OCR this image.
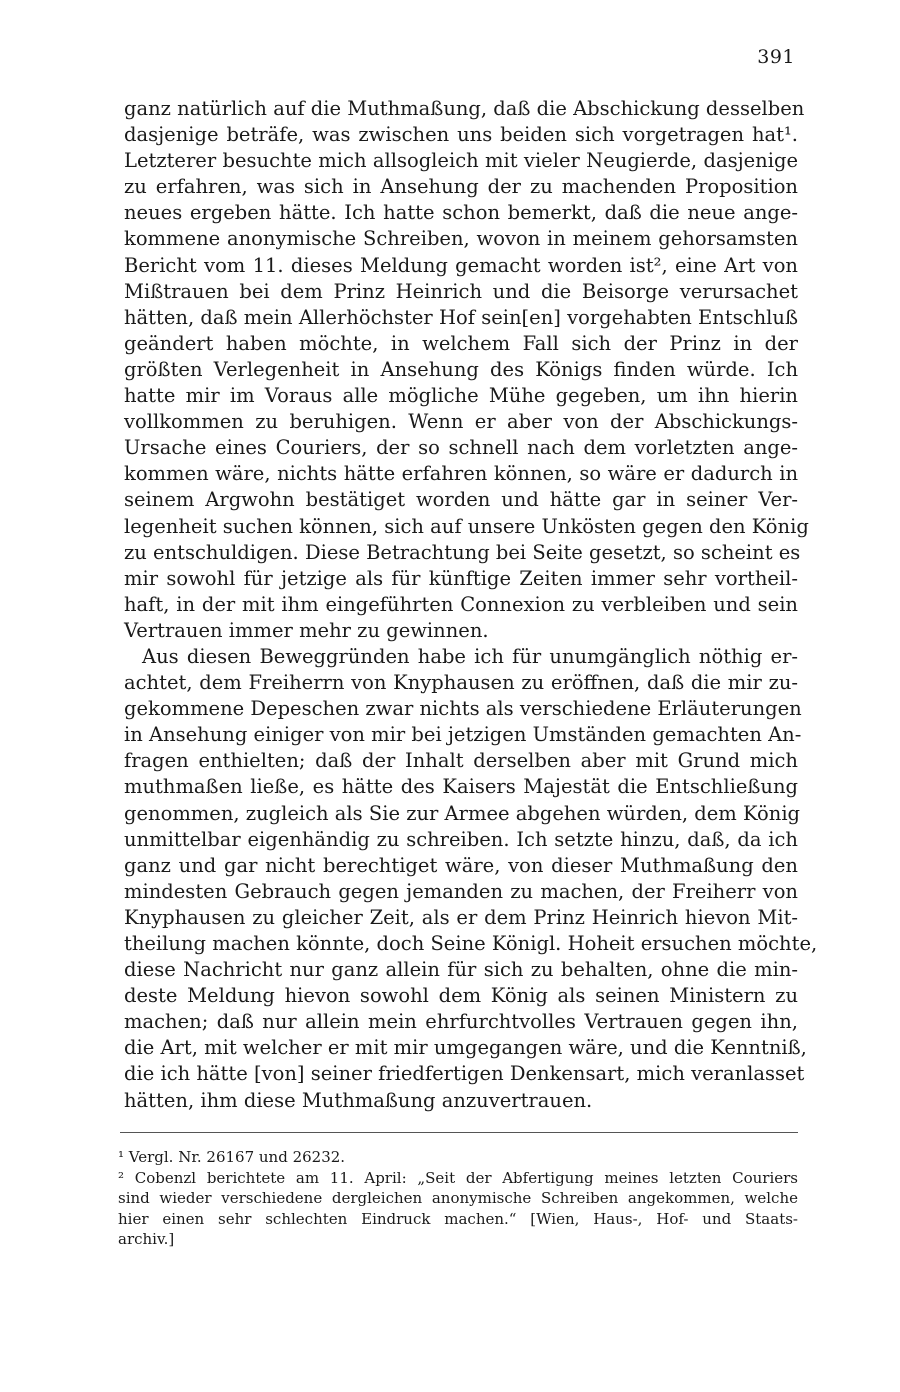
391
ganz natürlich auf die Muthmaßung, daß die Abschickung desselben
dasjenige beträfe, was zwischen uns beiden sich vorgetragen hat¹.
Letzterer besuchte mich allsogleich mit vieler Neugierde, dasjenige
zu erfahren, was sich in Ansehung der zu machenden Proposition
neues ergeben hätte. Ich hatte schon bemerkt, daß die neue ange-
kommene anonymische Schreiben, wovon in meinem gehorsamsten
Bericht vom 11. dieses Meldung gemacht worden ist², eine Art von
Mißtrauen bei dem Prinz Heinrich und die Beisorge verursachet
hätten, daß mein Allerhöchster Hof sein[en] vorgehabten Entschluß
geändert haben möchte, in welchem Fall sich der Prinz in der
größten Verlegenheit in Ansehung des Königs finden würde. Ich
hatte mir im Voraus alle mögliche Mühe gegeben, um ihn hierin
vollkommen zu beruhigen. Wenn er aber von der Abschickungs-
Ursache eines Couriers, der so schnell nach dem vorletzten ange-
kommen wäre, nichts hätte erfahren können, so wäre er dadurch in
seinem Argwohn bestätiget worden und hätte gar in seiner Ver-
legenheit suchen können, sich auf unsere Unkösten gegen den König
zu entschuldigen. Diese Betrachtung bei Seite gesetzt, so scheint es
mir sowohl für jetzige als für künftige Zeiten immer sehr vortheil-
haft, in der mit ihm eingeführten Connexion zu verbleiben und sein
Vertrauen immer mehr zu gewinnen.
Aus diesen Beweggründen habe ich für unumgänglich nöthig er-
achtet, dem Freiherrn von Knyphausen zu eröffnen, daß die mir zu-
gekommene Depeschen zwar nichts als verschiedene Erläuterungen
in Ansehung einiger von mir bei jetzigen Umständen gemachten An-
fragen enthielten; daß der Inhalt derselben aber mit Grund mich
muthmaßen ließe, es hätte des Kaisers Majestät die Entschließung
genommen, zugleich als Sie zur Armee abgehen würden, dem König
unmittelbar eigenhändig zu schreiben. Ich setzte hinzu, daß, da ich
ganz und gar nicht berechtiget wäre, von dieser Muthmaßung den
mindesten Gebrauch gegen jemanden zu machen, der Freiherr von
Knyphausen zu gleicher Zeit, als er dem Prinz Heinrich hievon Mit-
theilung machen könnte, doch Seine Königl. Hoheit ersuchen möchte,
diese Nachricht nur ganz allein für sich zu behalten, ohne die min-
deste Meldung hievon sowohl dem König als seinen Ministern zu
machen; daß nur allein mein ehrfurchtvolles Vertrauen gegen ihn,
die Art, mit welcher er mit mir umgegangen wäre, und die Kenntniß,
die ich hätte [von] seiner friedfertigen Denkensart, mich veranlasset
hätten, ihm diese Muthmaßung anzuvertrauen.
¹ Vergl. Nr. 26167 und 26232.
² Cobenzl berichtete am 11. April: „Seit der Abfertigung meines letzten Couriers
sind wieder verschiedene dergleichen anonymische Schreiben angekommen, welche
hier einen sehr schlechten Eindruck machen.“ [Wien, Haus-, Hof- und Staats-
archiv.]
